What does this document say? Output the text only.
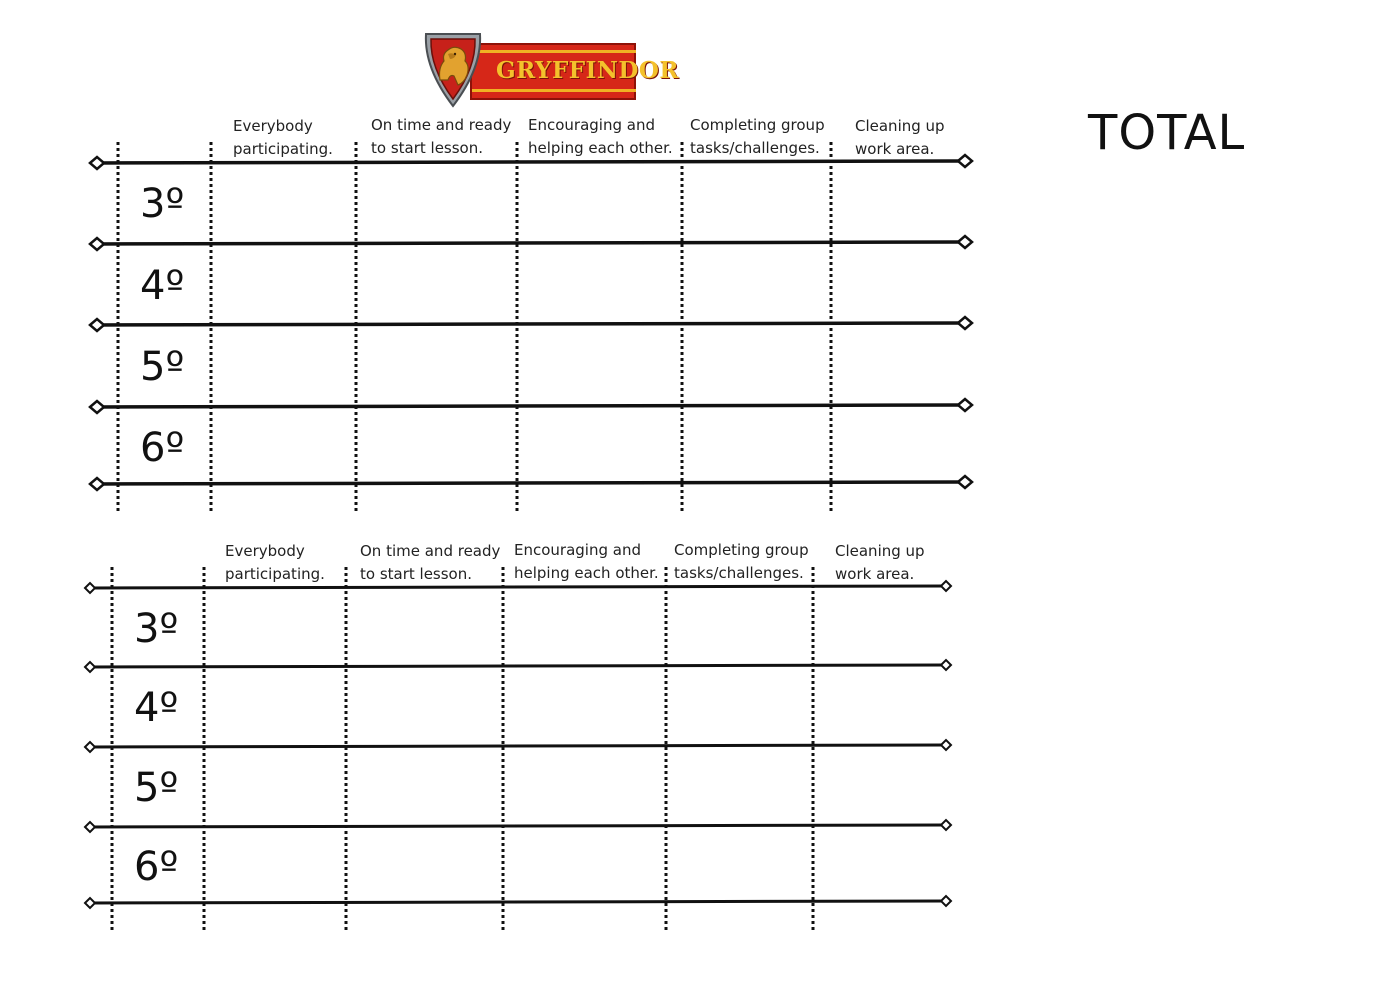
GRYFFINDOR
TOTAL
Everybody
participating.
On time and ready
to start lesson.
Encouraging and
helping each other.
Completing group
tasks/challenges.
Cleaning up
work area.
3º
4º
5º
6º
Everybody
participating.
On time and ready
to start lesson.
Encouraging and
helping each other.
Completing group
tasks/challenges.
Cleaning up
work area.
3º
4º
5º
6º
